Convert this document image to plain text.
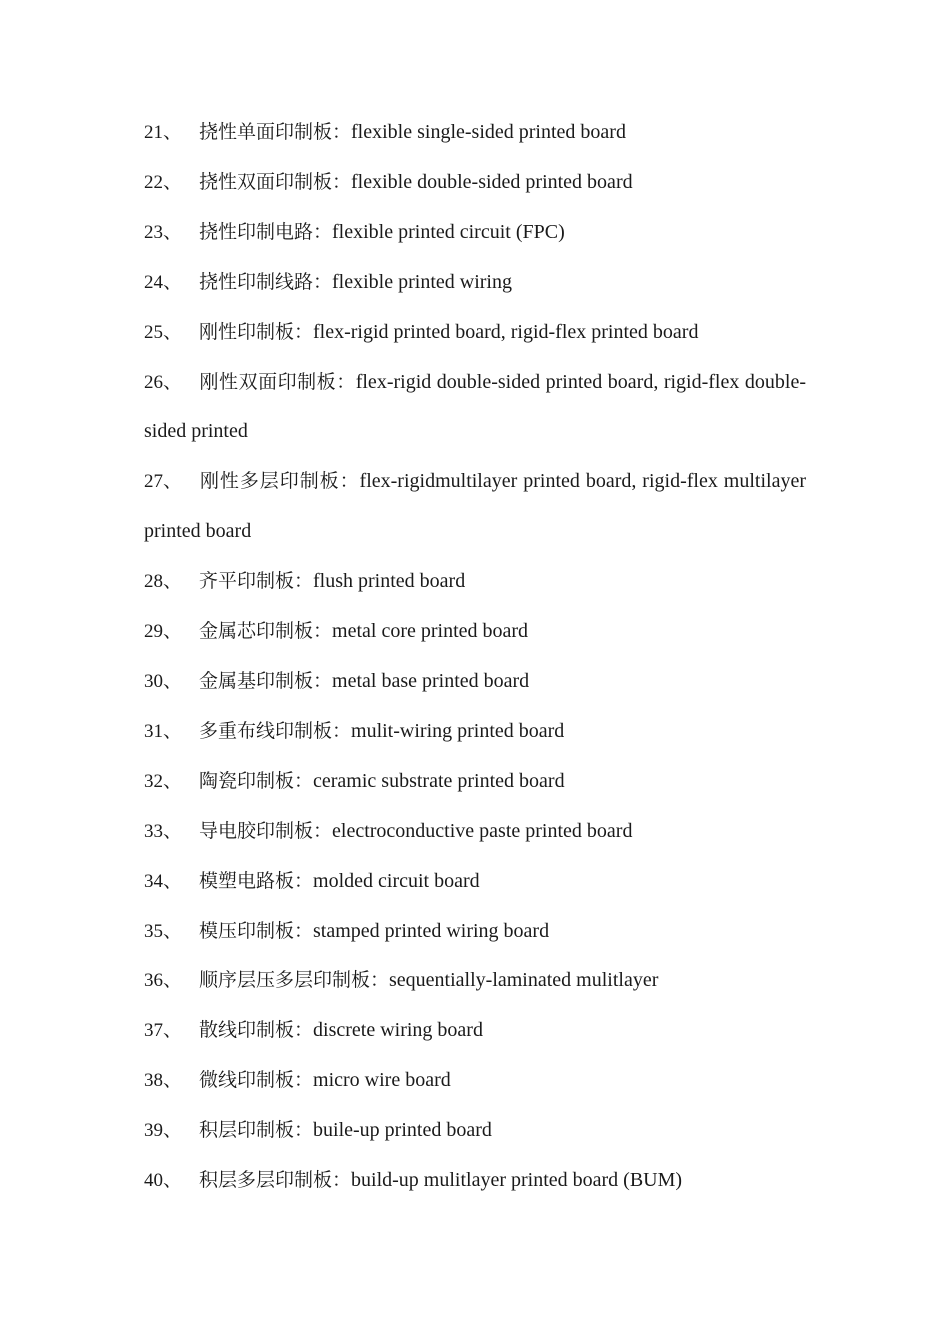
21、 挠性单面印制板：flexible single-sided printed board
22、 挠性双面印制板：flexible double-sided printed board
23、 挠性印制电路：flexible printed circuit (FPC)
24、 挠性印制线路：flexible printed wiring
25、 刚性印制板：flex-rigid printed board, rigid-flex printed board
26、 刚性双面印制板：flex-rigid double-sided printed board, rigid-flex double-sided printed
27、 刚性多层印制板：flex-rigidmultilayer printed board, rigid-flex multilayer printed board
28、 齐平印制板：flush printed board
29、 金属芯印制板：metal core printed board
30、 金属基印制板：metal base printed board
31、 多重布线印制板：mulit-wiring printed board
32、 陶瓷印制板：ceramic substrate printed board
33、 导电胶印制板：electroconductive paste printed board
34、 模塑电路板：molded circuit board
35、 模压印制板：stamped printed wiring board
36、 顺序层压多层印制板：sequentially-laminated mulitlayer
37、 散线印制板：discrete wiring board
38、 微线印制板：micro wire board
39、 积层印制板：buile-up printed board
40、 积层多层印制板：build-up mulitlayer printed board (BUM)
